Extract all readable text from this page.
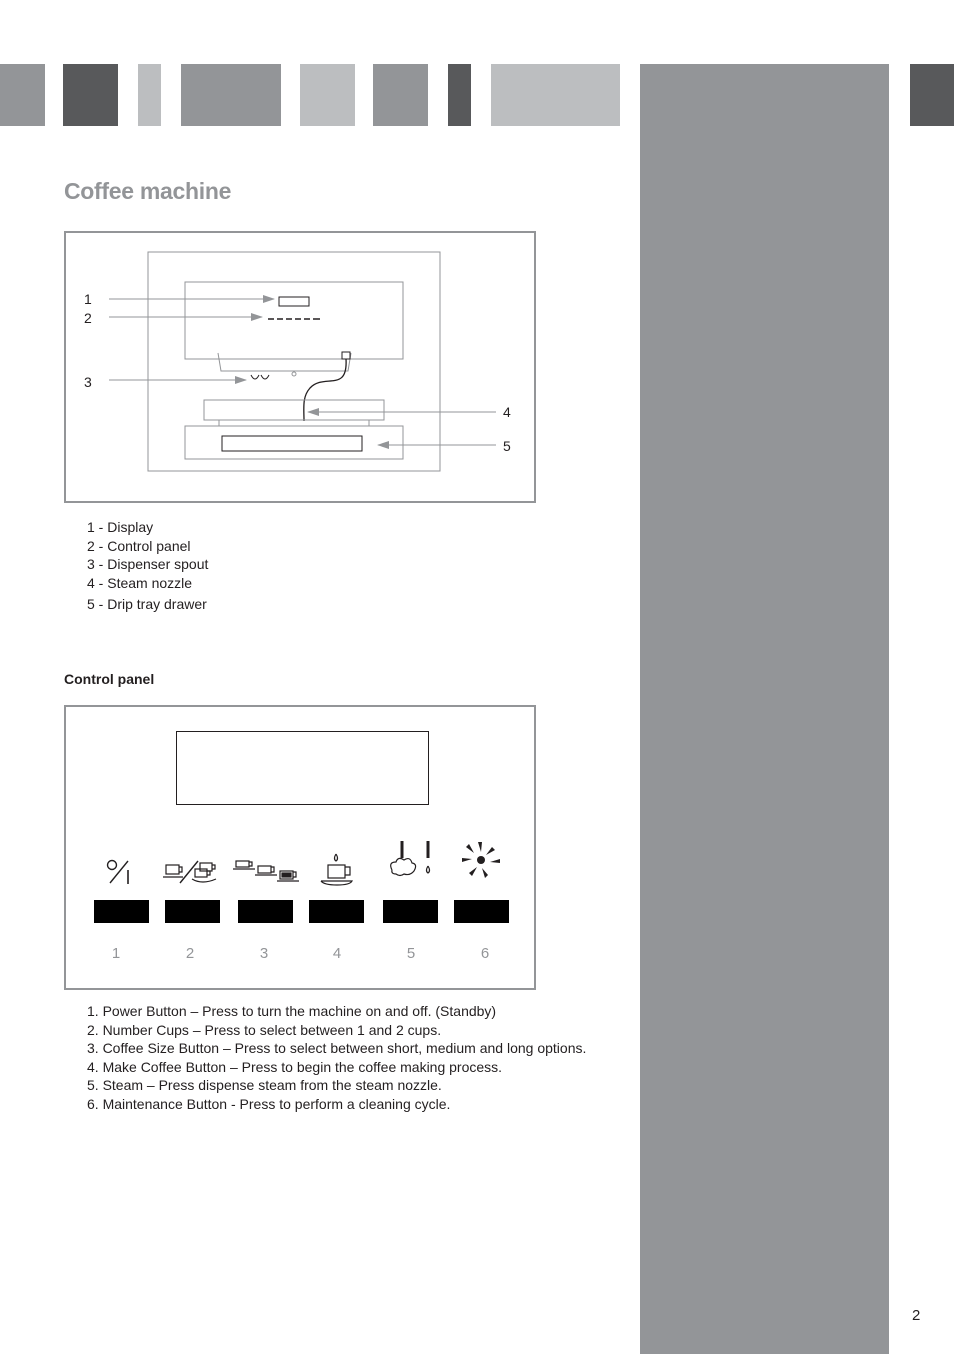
Coffee machine
1
2
3
4
5
1 - Display
2 - Control panel
3 - Dispenser spout
4 - Steam nozzle
5 - Drip tray drawer
Control panel
1	2	3	4	5	6
1. Power Button – Press to turn the machine on and off. (Standby)
2. Number Cups – Press to select between 1 and 2 cups.
3. Coffee Size Button – Press to select between short, medium and long options.
4. Make Coffee Button – Press to begin the coffee making process.
5. Steam – Press dispense steam from the steam nozzle.
6. Maintenance Button - Press to perform a cleaning cycle.
2
